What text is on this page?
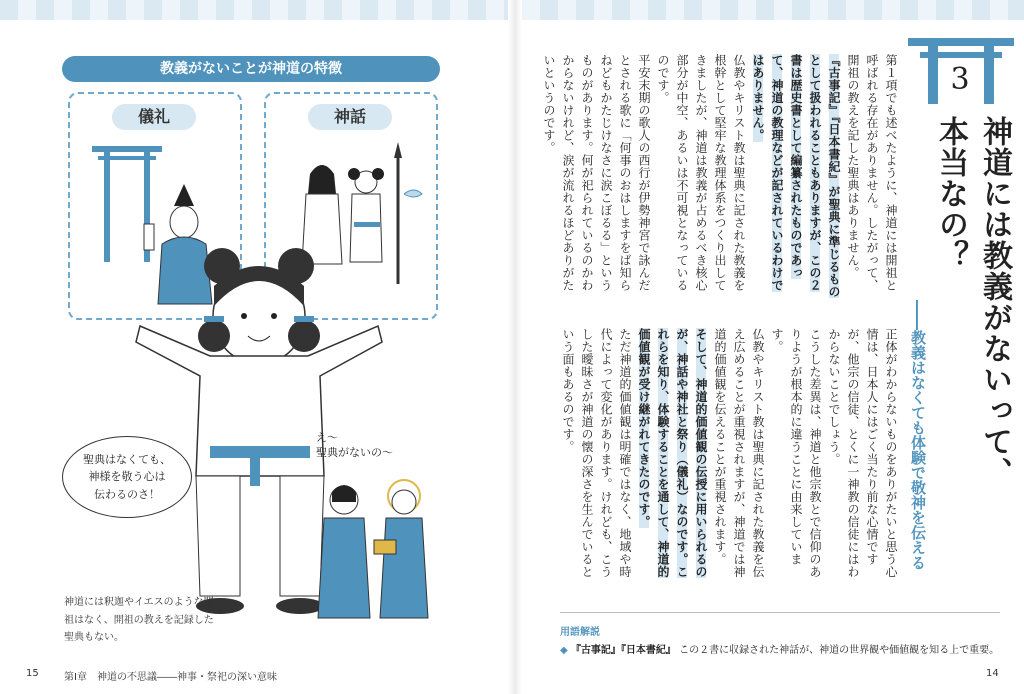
教義がないことが神道の特徴
儀礼	神話
聖典はなくても、
神様を敬う心は
伝わるのさ！
え～
聖典がないの～
神道には釈迦やイエスのような開祖はなく、開祖の教えを記録した聖典もない。
15	第Ⅰ章　神道の不思議――神事・祭祀の深い意味
3
神道には教義がないって、本当なの？
――教義はなくても体験で敬神を伝える

第１項でも述べたように、神道には開祖と呼ばれる存在がありません。したがって、開祖の教えを記した聖典はありません。

『古事記』『日本書紀』が聖典に準じるものとして扱われることもありますが、この２書は歴史書として編纂されたものであって、神道の教理などが記されているわけではありません。

仏教やキリスト教は聖典に記された教義を根幹として堅牢な教理体系をつくり出してきましたが、神道は教義が占めるべき核心部分が中空、あるいは不可視となっているのです。

平安末期の歌人の西行が伊勢神宮で詠んだとされる歌に「何事のおはしますをば知らねどもかたじけなさに涙こぼるる」というものがあります。何が祀られているのかわからないけれど、涙が流れるほどありがたいというのです。

正体がわからないものをありがたいと思う心情は、日本人にはごく当たり前な心情ですが、他宗の信徒、とくに一神教の信徒にはわからないことでしょう。

こうした差異は、神道と他宗教とで信仰のありようが根本的に違うことに由来しています。

仏教やキリスト教は聖典に記された教義を伝え広めることが重視されますが、神道では神道的価値観を伝えることが重視されます。

そして、神道的価値観の伝授に用いられるのが、神話や神社と祭り（儀礼）なのです。これらを知り、体験することを通して、神道的価値観が受け継がれてきたのです。

ただ神道的価値観は明確ではなく、地域や時代によって変化があります。けれども、こうした曖昧さが神道の懐の深さを生んでいるという面もあるのです。

用語解説
◆ 『古事記』『日本書紀』 この２書に収録された神話が、神道の世界観や価値観を知る上で重要。
14
